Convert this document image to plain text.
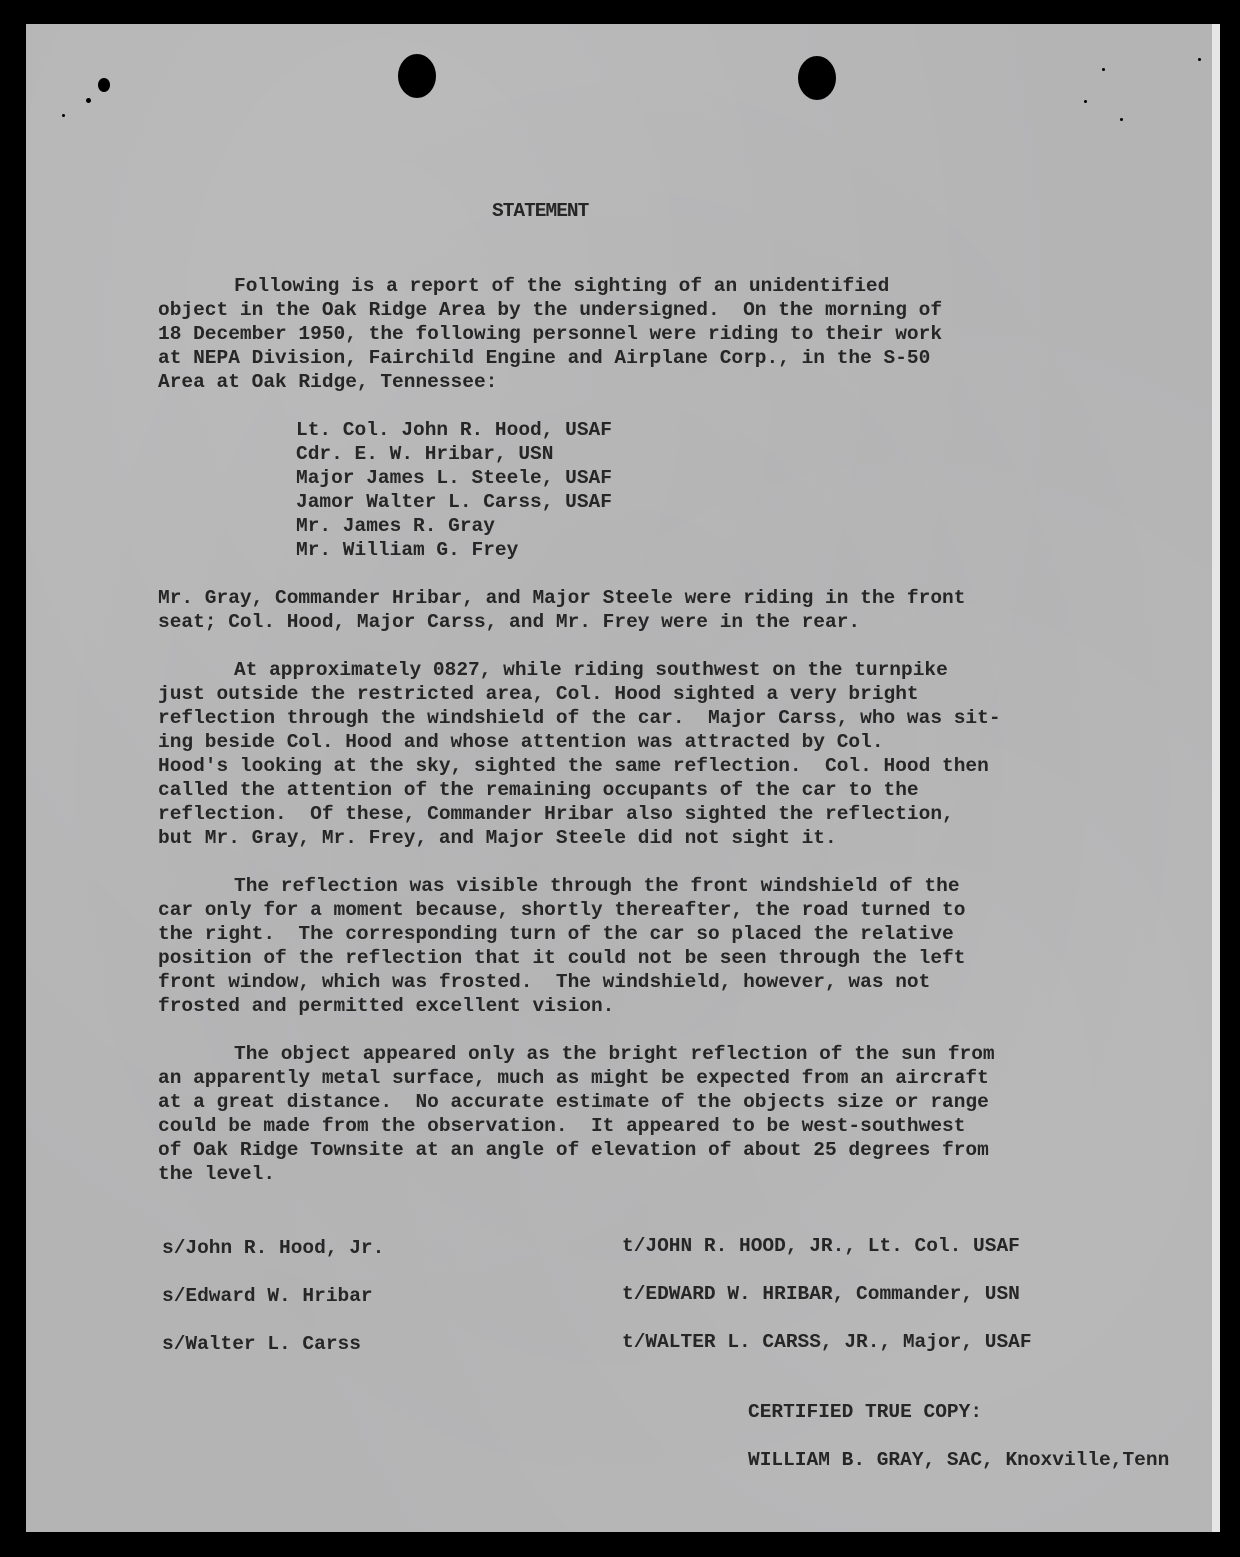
STATEMENT

Following is a report of the sighting of an unidentified

object in the Oak Ridge Area by the undersigned.  On the morning of

18 December 1950, the following personnel were riding to their work

at NEPA Division, Fairchild Engine and Airplane Corp., in the S-50

Area at Oak Ridge, Tennessee:

Lt. Col. John R. Hood, USAF

Cdr. E. W. Hribar, USN

Major James L. Steele, USAF

Jamor Walter L. Carss, USAF

Mr. James R. Gray

Mr. William G. Frey

Mr. Gray, Commander Hribar, and Major Steele were riding in the front

seat; Col. Hood, Major Carss, and Mr. Frey were in the rear.

At approximately 0827, while riding southwest on the turnpike

just outside the restricted area, Col. Hood sighted a very bright

reflection through the windshield of the car.  Major Carss, who was sit-

ing beside Col. Hood and whose attention was attracted by Col.

Hood's looking at the sky, sighted the same reflection.  Col. Hood then

called the attention of the remaining occupants of the car to the

reflection.  Of these, Commander Hribar also sighted the reflection,

but Mr. Gray, Mr. Frey, and Major Steele did not sight it.

The reflection was visible through the front windshield of the

car only for a moment because, shortly thereafter, the road turned to

the right.  The corresponding turn of the car so placed the relative

position of the reflection that it could not be seen through the left

front window, which was frosted.  The windshield, however, was not

frosted and permitted excellent vision.

The object appeared only as the bright reflection of the sun from

an apparently metal surface, much as might be expected from an aircraft

at a great distance.  No accurate estimate of the objects size or range

could be made from the observation.  It appeared to be west-southwest

of Oak Ridge Townsite at an angle of elevation of about 25 degrees from

the level.

s/John R. Hood, Jr.

	t/JOHN R. HOOD, JR., Lt. Col. USAF

s/Edward W. Hribar

	t/EDWARD W. HRIBAR, Commander, USN

s/Walter L. Carss

	t/WALTER L. CARSS, JR., Major, USAF

CERTIFIED TRUE COPY:

WILLIAM B. GRAY, SAC, Knoxville,Tenn
